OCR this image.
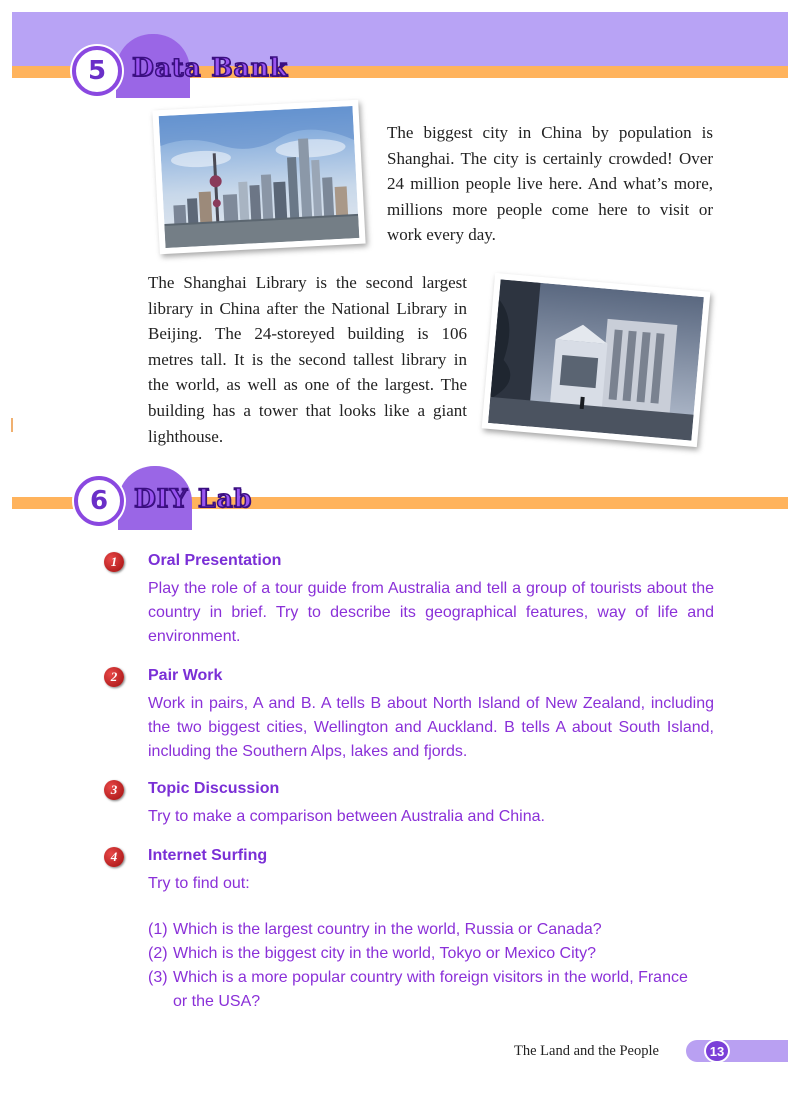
5 Data Bank
The biggest city in China by population is Shanghai. The city is certainly crowded! Over 24 million people live here. And what’s more, millions more people come here to visit or work every day.
The Shanghai Library is the second largest library in China after the National Library in Beijing. The 24-storeyed building is 106 metres tall. It is the second tallest library in the world, as well as one of the largest. The building has a tower that looks like a giant lighthouse.
6 DIY Lab
1 Oral Presentation
Play the role of a tour guide from Australia and tell a group of tourists about the country in brief. Try to describe its geographical features, way of life and environment.
2 Pair Work
Work in pairs, A and B. A tells B about North Island of New Zealand, including the two biggest cities, Wellington and Auckland. B tells A about South Island, including the Southern Alps, lakes and fjords.
3 Topic Discussion
Try to make a comparison between Australia and China.
4 Internet Surfing
Try to find out:
(1) Which is the largest country in the world, Russia or Canada?
(2) Which is the biggest city in the world, Tokyo or Mexico City?
(3) Which is a more popular country with foreign visitors in the world, France
or the USA?
The Land and the People	13
